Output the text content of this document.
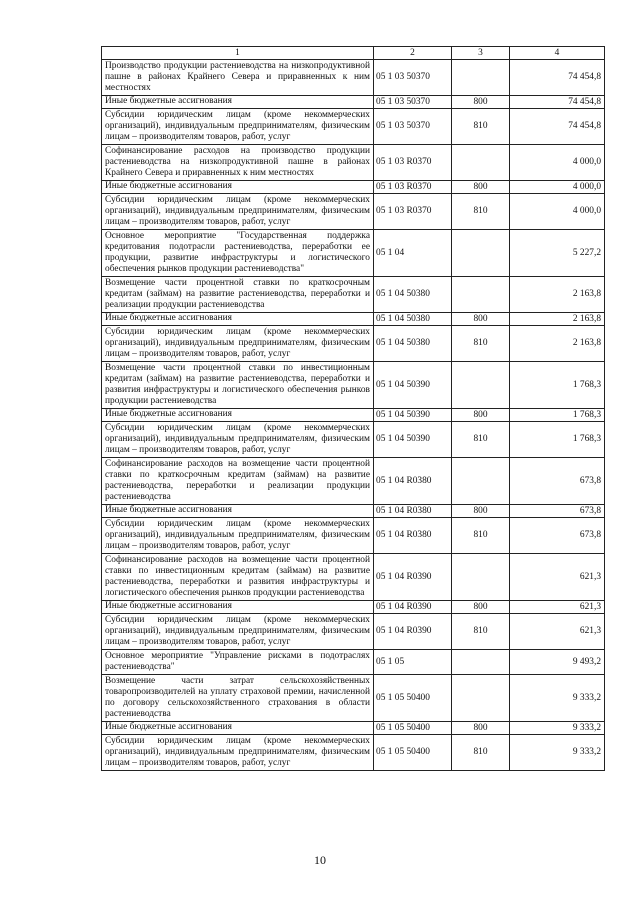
1	2	3	4
Производство продукции растениеводства на низкопродуктивной пашне в районах Крайнего Севера и приравненных к ним местностях	05 1 03 50370		74 454,8
Иные бюджетные ассигнования	05 1 03 50370	800	74 454,8
Субсидии юридическим лицам (кроме некоммерческих организаций), индивидуальным предпринимателям, физическим лицам – производителям товаров, работ, услуг	05 1 03 50370	810	74 454,8
Софинансирование расходов на производство продукции растениеводства на низкопродуктивной пашне в районах Крайнего Севера и приравненных к ним местностях	05 1 03 R0370		4 000,0
Иные бюджетные ассигнования	05 1 03 R0370	800	4 000,0
Субсидии юридическим лицам (кроме некоммерческих организаций), индивидуальным предпринимателям, физическим лицам – производителям товаров, работ, услуг	05 1 03 R0370	810	4 000,0
Основное мероприятие "Государственная поддержка кредитования подотрасли растениеводства, переработки ее продукции, развитие инфраструктуры и логистического обеспечения рынков продукции растениеводства"	05 1 04		5 227,2
Возмещение части процентной ставки по краткосрочным кредитам (займам) на развитие растениеводства, переработки и реализации продукции растениеводства	05 1 04 50380		2 163,8
Иные бюджетные ассигнования	05 1 04 50380	800	2 163,8
Субсидии юридическим лицам (кроме некоммерческих организаций), индивидуальным предпринимателям, физическим лицам – производителям товаров, работ, услуг	05 1 04 50380	810	2 163,8
Возмещение части процентной ставки по инвестиционным кредитам (займам) на развитие растениеводства, переработки и развития инфраструктуры и логистического обеспечения рынков продукции растениеводства	05 1 04 50390		1 768,3
Иные бюджетные ассигнования	05 1 04 50390	800	1 768,3
Субсидии юридическим лицам (кроме некоммерческих организаций), индивидуальным предпринимателям, физическим лицам – производителям товаров, работ, услуг	05 1 04 50390	810	1 768,3
Софинансирование расходов на возмещение части процентной ставки по краткосрочным кредитам (займам) на развитие растениеводства, переработки и реализации продукции растениеводства	05 1 04 R0380		673,8
Иные бюджетные ассигнования	05 1 04 R0380	800	673,8
Субсидии юридическим лицам (кроме некоммерческих организаций), индивидуальным предпринимателям, физическим лицам – производителям товаров, работ, услуг	05 1 04 R0380	810	673,8
Софинансирование расходов на возмещение части процентной ставки по инвестиционным кредитам (займам) на развитие растениеводства, переработки и развития инфраструктуры и логистического обеспечения рынков продукции растениеводства	05 1 04 R0390		621,3
Иные бюджетные ассигнования	05 1 04 R0390	800	621,3
Субсидии юридическим лицам (кроме некоммерческих организаций), индивидуальным предпринимателям, физическим лицам – производителям товаров, работ, услуг	05 1 04 R0390	810	621,3
Основное мероприятие "Управление рисками в подотраслях растениеводства"	05 1 05		9 493,2
Возмещение части затрат сельскохозяйственных товаропроизводителей на уплату страховой премии, начисленной по договору сельскохозяйственного страхования в области растениеводства	05 1 05 50400		9 333,2
Иные бюджетные ассигнования	05 1 05 50400	800	9 333,2
Субсидии юридическим лицам (кроме некоммерческих организаций), индивидуальным предпринимателям, физическим лицам – производителям товаров, работ, услуг	05 1 05 50400	810	9 333,2
10
